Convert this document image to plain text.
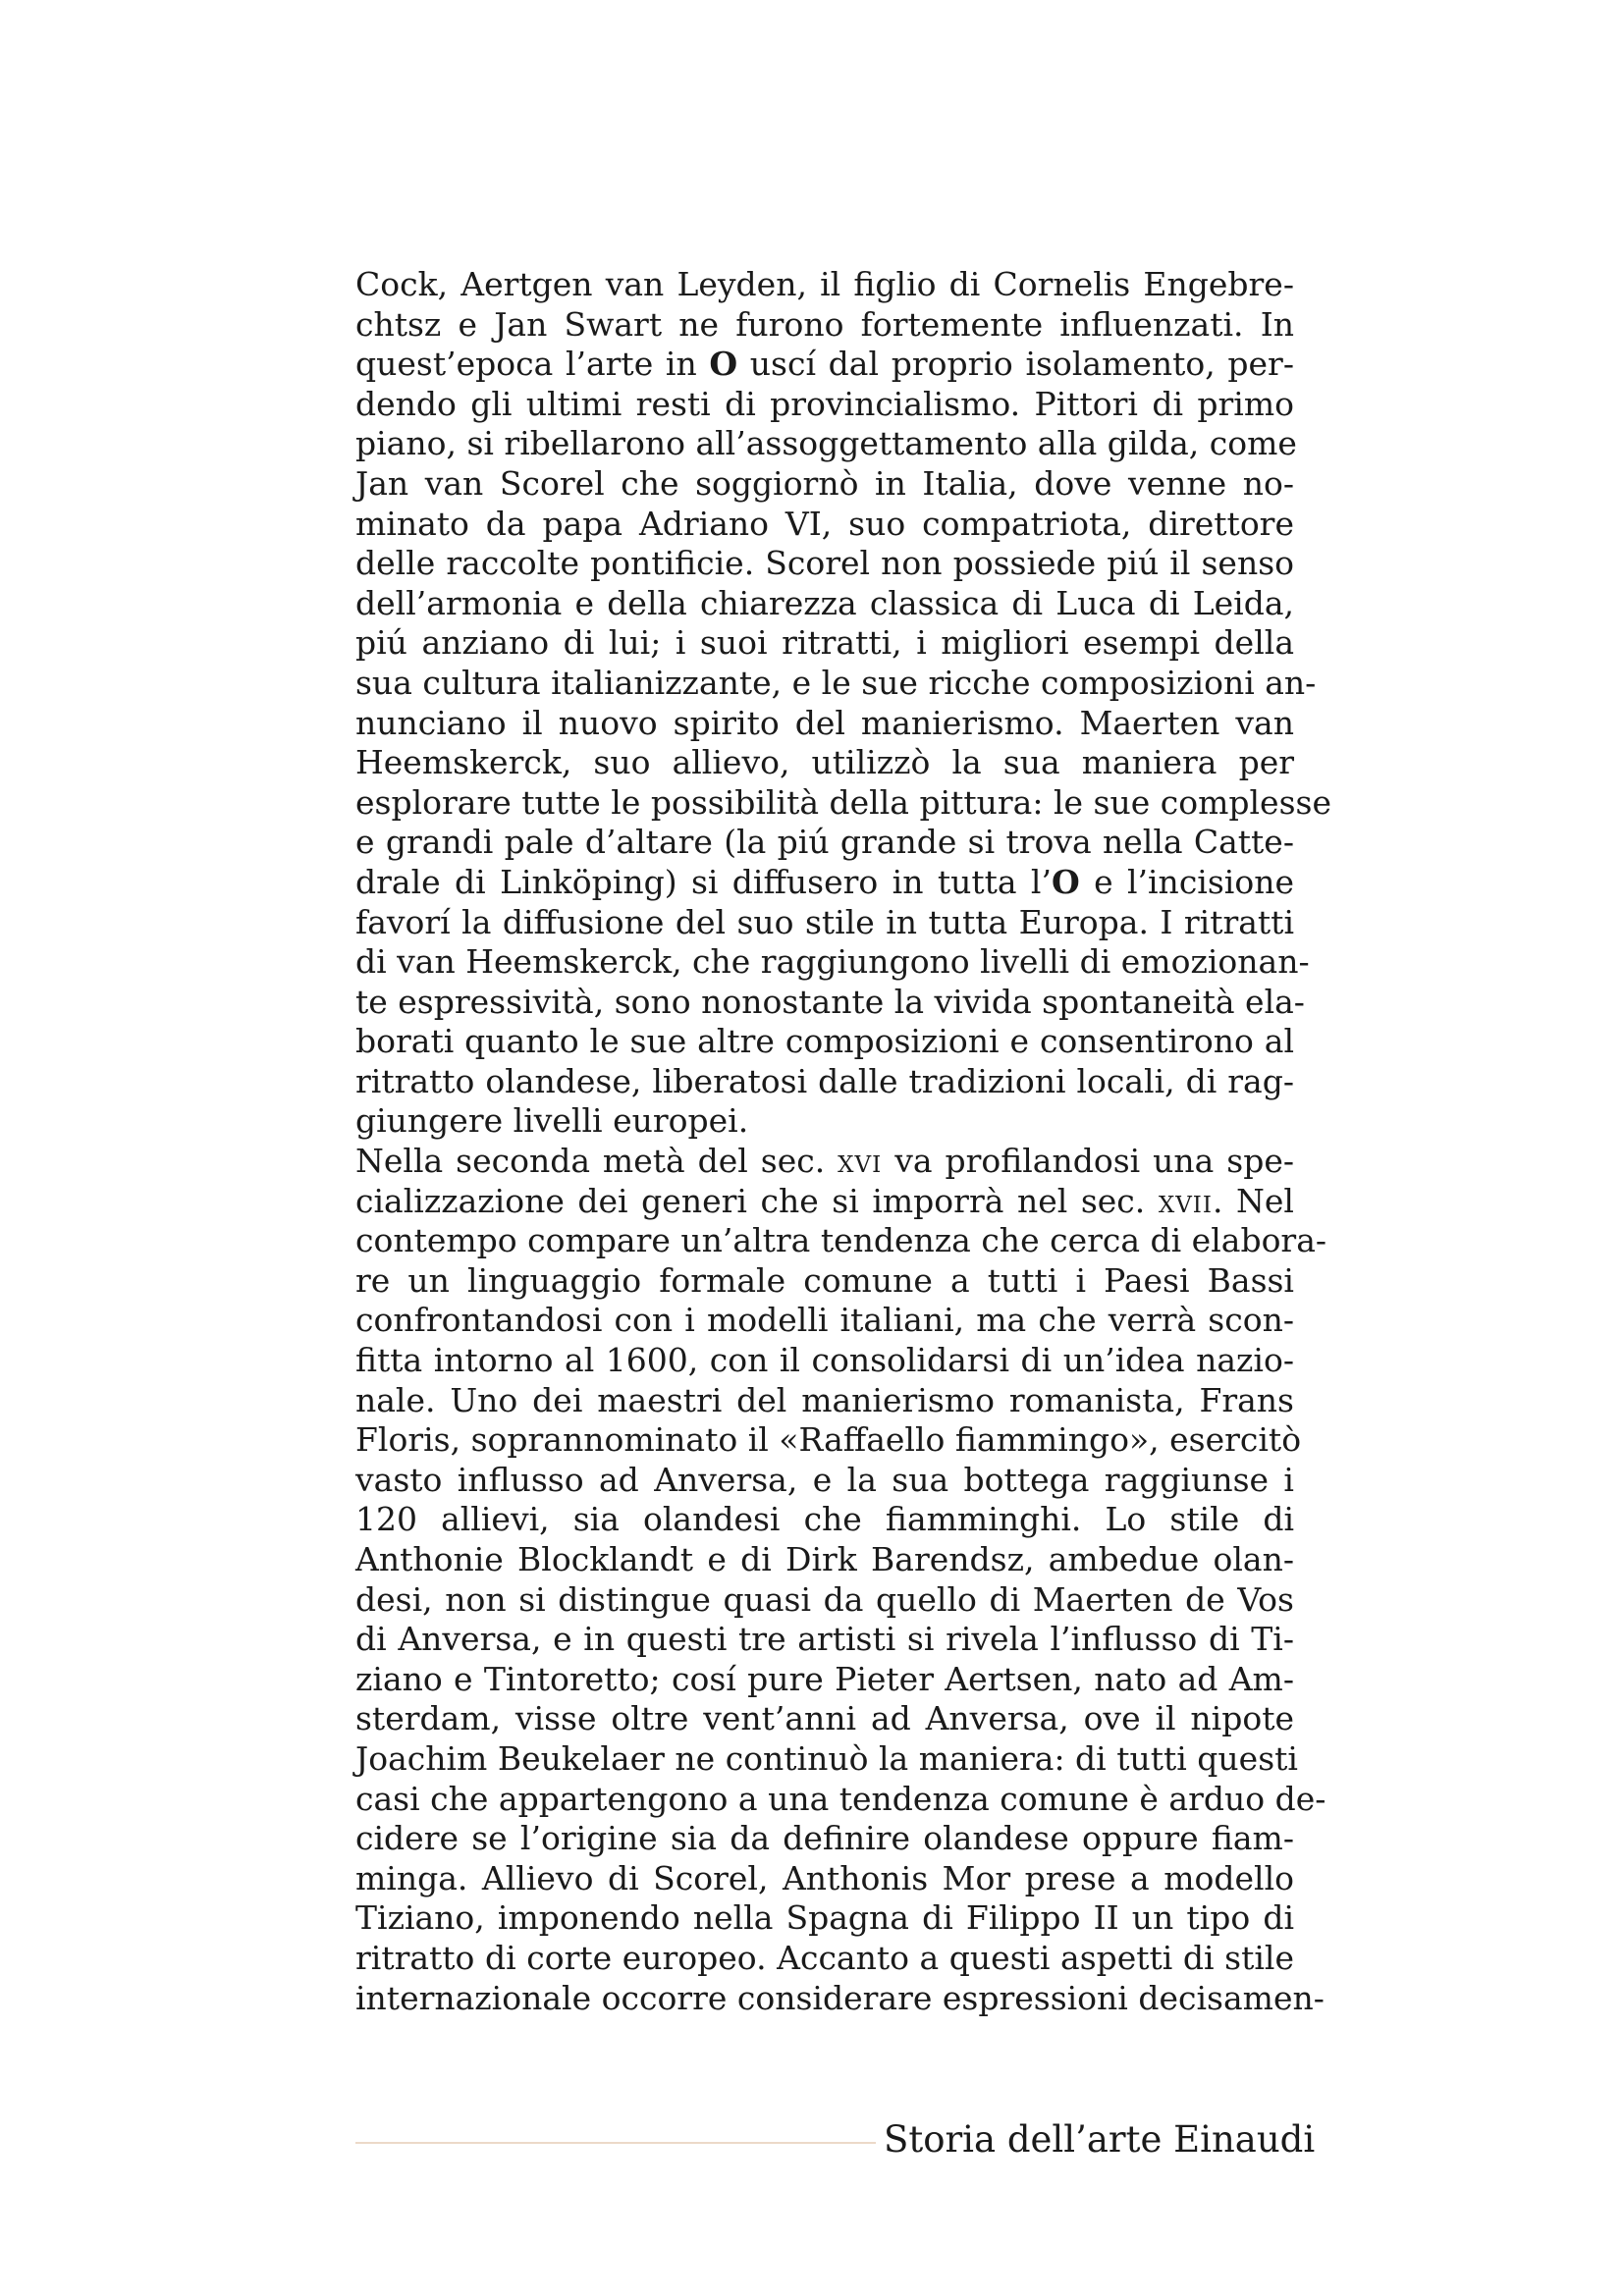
Cock, Aertgen van Leyden, il figlio di Cornelis Engebre-
chtsz e Jan Swart ne furono fortemente influenzati. In
quest’epoca l’arte in O uscí dal proprio isolamento, per-
dendo gli ultimi resti di provincialismo. Pittori di primo
piano, si ribellarono all’assoggettamento alla gilda, come
Jan van Scorel che soggiornò in Italia, dove venne no-
minato da papa Adriano VI, suo compatriota, direttore
delle raccolte pontificie. Scorel non possiede piú il senso
dell’armonia e della chiarezza classica di Luca di Leida,
piú anziano di lui; i suoi ritratti, i migliori esempi della
sua cultura italianizzante, e le sue ricche composizioni an-
nunciano il nuovo spirito del manierismo. Maerten van
Heemskerck, suo allievo, utilizzò la sua maniera per
esplorare tutte le possibilità della pittura: le sue complesse
e grandi pale d’altare (la piú grande si trova nella Catte-
drale di Linköping) si diffusero in tutta l’O e l’incisione
favorí la diffusione del suo stile in tutta Europa. I ritratti
di van Heemskerck, che raggiungono livelli di emozionan-
te espressività, sono nonostante la vivida spontaneità ela-
borati quanto le sue altre composizioni e consentirono al
ritratto olandese, liberatosi dalle tradizioni locali, di rag-
giungere livelli europei.
Nella seconda metà del sec. xvi va profilandosi una spe-
cializzazione dei generi che si imporrà nel sec. xvii. Nel
contempo compare un’altra tendenza che cerca di elabora-
re un linguaggio formale comune a tutti i Paesi Bassi
confrontandosi con i modelli italiani, ma che verrà scon-
fitta intorno al 1600, con il consolidarsi di un’idea nazio-
nale. Uno dei maestri del manierismo romanista, Frans
Floris, soprannominato il «Raffaello fiammingo», esercitò
vasto influsso ad Anversa, e la sua bottega raggiunse i
120 allievi, sia olandesi che fiamminghi. Lo stile di
Anthonie Blocklandt e di Dirk Barendsz, ambedue olan-
desi, non si distingue quasi da quello di Maerten de Vos
di Anversa, e in questi tre artisti si rivela l’influsso di Ti-
ziano e Tintoretto; cosí pure Pieter Aertsen, nato ad Am-
sterdam, visse oltre vent’anni ad Anversa, ove il nipote
Joachim Beukelaer ne continuò la maniera: di tutti questi
casi che appartengono a una tendenza comune è arduo de-
cidere se l’origine sia da definire olandese oppure fiam-
minga. Allievo di Scorel, Anthonis Mor prese a modello
Tiziano, imponendo nella Spagna di Filippo II un tipo di
ritratto di corte europeo. Accanto a questi aspetti di stile
internazionale occorre considerare espressioni decisamen-
Storia dell’arte Einaudi
